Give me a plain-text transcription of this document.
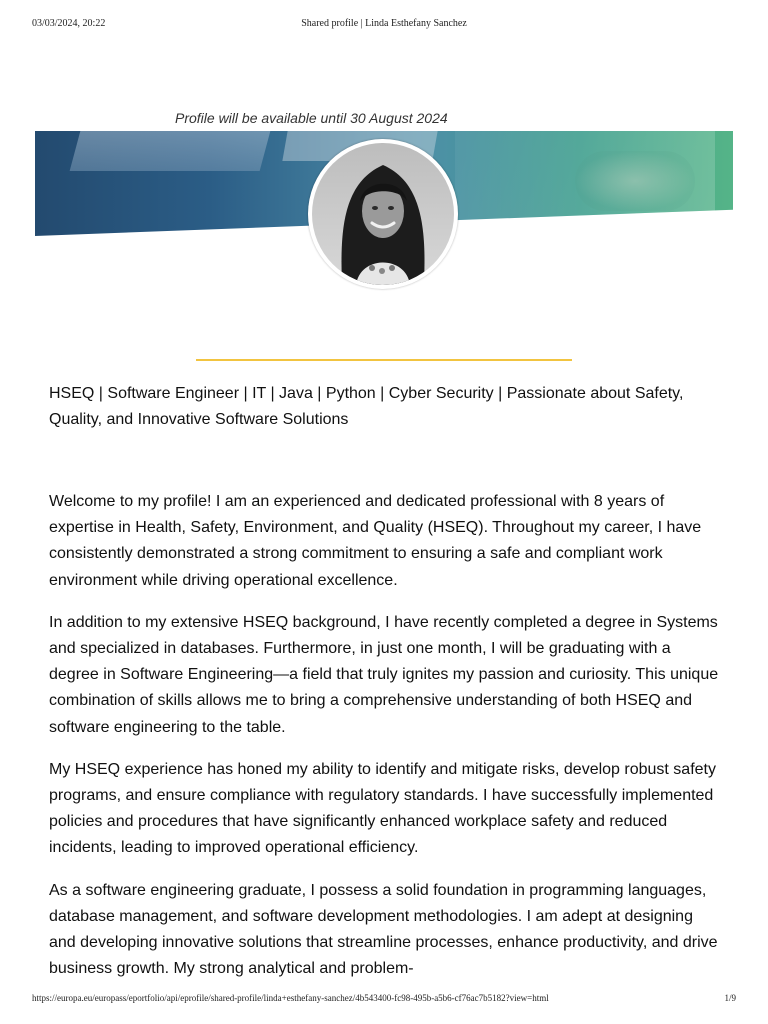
03/03/2024, 20:22	Shared profile | Linda Esthefany Sanchez
Profile will be available until 30 August 2024
HSEQ | Software Engineer | IT | Java | Python | Cyber Security | Passionate about Safety, Quality, and Innovative Software Solutions

Welcome to my profile! I am an experienced and dedicated professional with 8 years of expertise in Health, Safety, Environment, and Quality (HSEQ). Throughout my career, I have consistently demonstrated a strong commitment to ensuring a safe and compliant work environment while driving operational excellence.

In addition to my extensive HSEQ background, I have recently completed a degree in Systems and specialized in databases. Furthermore, in just one month, I will be graduating with a degree in Software Engineering—a field that truly ignites my passion and curiosity. This unique combination of skills allows me to bring a comprehensive understanding of both HSEQ and software engineering to the table.

My HSEQ experience has honed my ability to identify and mitigate risks, develop robust safety programs, and ensure compliance with regulatory standards. I have successfully implemented policies and procedures that have significantly enhanced workplace safety and reduced incidents, leading to improved operational efficiency.

As a software engineering graduate, I possess a solid foundation in programming languages, database management, and software development methodologies. I am adept at designing and developing innovative solutions that streamline processes, enhance productivity, and drive business growth. My strong analytical and problem-

https://europa.eu/europass/eportfolio/api/eprofile/shared-profile/linda+esthefany-sanchez/4b543400-fc98-495b-a5b6-cf76ac7b5182?view=html	1/9
